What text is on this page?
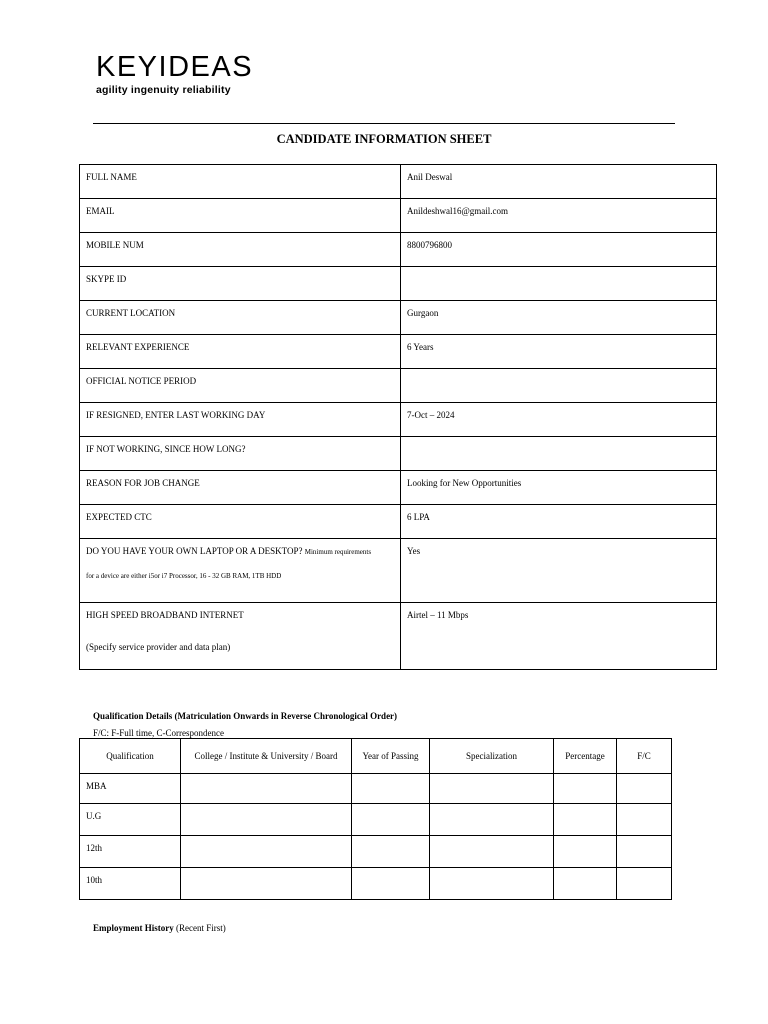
KEYIDEAS
agility ingenuity reliability
CANDIDATE INFORMATION SHEET
FULL NAME	Anil Deswal
EMAIL	Anildeshwal16@gmail.com
MOBILE NUM	8800796800
SKYPE ID	
CURRENT LOCATION	Gurgaon
RELEVANT EXPERIENCE	6 Years
OFFICIAL NOTICE PERIOD	
IF RESIGNED, ENTER LAST WORKING DAY	7-Oct – 2024
IF NOT WORKING, SINCE HOW LONG?	
REASON FOR JOB CHANGE	Looking for New Opportunities
EXPECTED CTC	6 LPA
DO YOU HAVE YOUR OWN LAPTOP OR A DESKTOP? Minimum requirements
for a device are either i5or i7 Processor, 16 - 32 GB RAM, 1TB HDD	Yes

HIGH SPEED BROADBAND INTERNET
(Specify service provider and data plan)	Airtel – 11 Mbps
Qualification Details (Matriculation Onwards in Reverse Chronological Order)
F/C: F-Full time, C-Correspondence
Qualification	College / Institute & University / Board	Year of Passing	Specialization	Percentage	F/C
MBA					
U.G					
12th					
10th					
Employment History (Recent First)
